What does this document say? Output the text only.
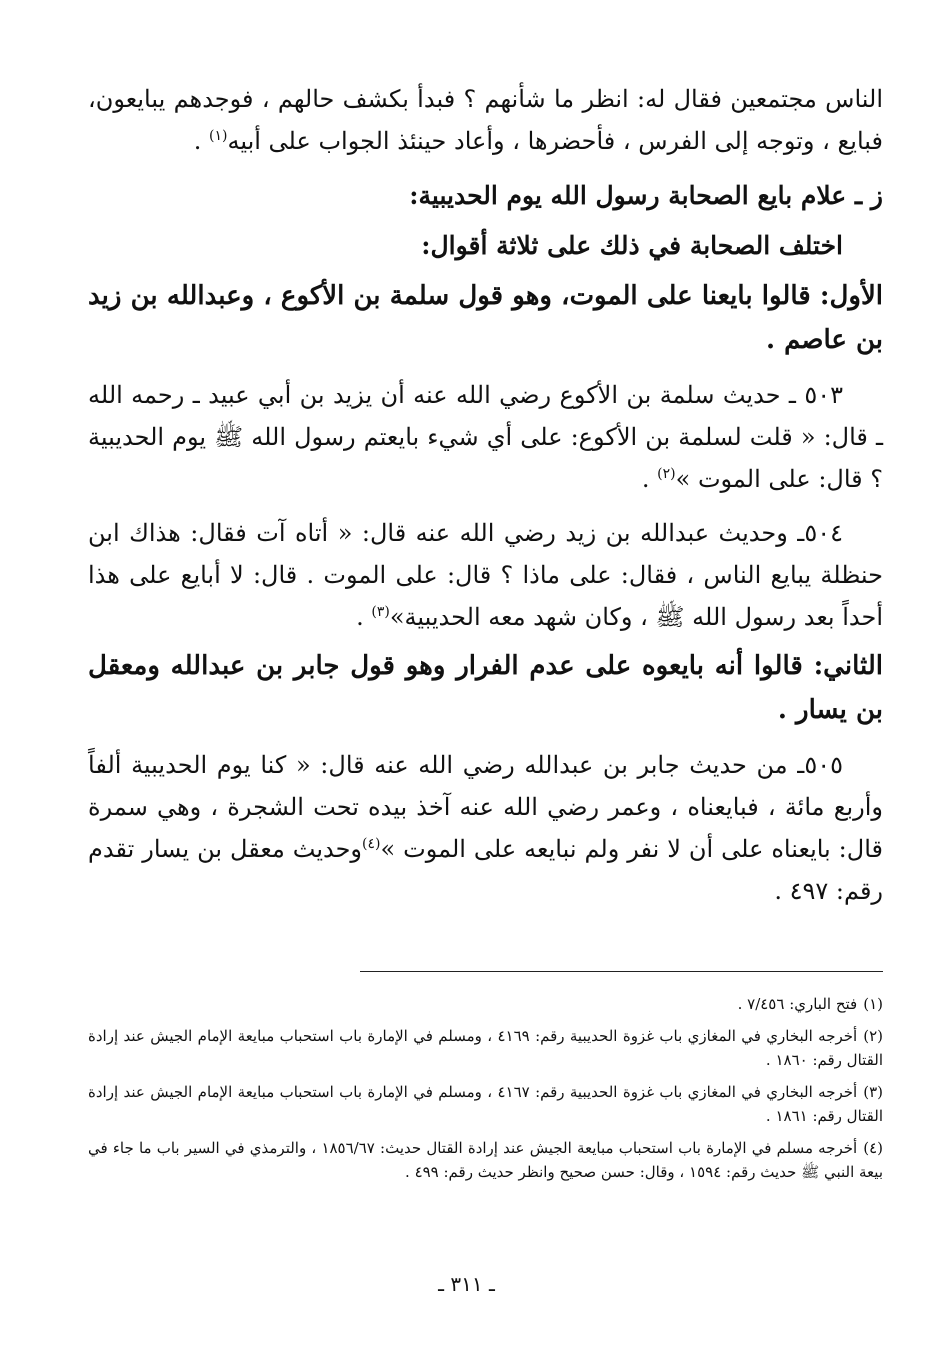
الناس مجتمعين فقال له: انظر ما شأنهم ؟ فبدأ بكشف حالهم ، فوجدهم يبايعون، فبايع ، وتوجه إلى الفرس ، فأحضرها ، وأعاد حينئذ الجواب على أبيه$^{(١)}$ .

ز ـ علام بايع الصحابة رسول الله يوم الحديبية:

اختلف الصحابة في ذلك على ثلاثة أقوال:

الأول: قالوا بايعنا على الموت، وهو قول سلمة بن الأكوع ، وعبدالله بن زيد بن عاصم .

٥٠٣ ـ حديث سلمة بن الأكوع رضي الله عنه أن يزيد بن أبي عبيد ـ رحمه الله ـ قال: « قلت لسلمة بن الأكوع: على أي شيء بايعتم رسول الله ﷺ يوم الحديبية ؟ قال: على الموت »$^{(٢)}$ .

٥٠٤ـ وحديث عبدالله بن زيد رضي الله عنه قال: « أتاه آت فقال: هذاك ابن حنظلة يبايع الناس ، فقال: على ماذا ؟ قال: على الموت . قال: لا أبايع على هذا أحداً بعد رسول الله ﷺ ، وكان شهد معه الحديبية»$^{(٣)}$ .

الثاني: قالوا أنه بايعوه على عدم الفرار وهو قول جابر بن عبدالله ومعقل بن يسار .

٥٠٥ـ من حديث جابر بن عبدالله رضي الله عنه قال: « كنا يوم الحديبية ألفاً وأربع مائة ، فبايعناه ، وعمر رضي الله عنه آخذ بيده تحت الشجرة ، وهي سمرة قال: بايعناه على أن لا نفر ولم نبايعه على الموت »$^{(٤)}$وحديث معقل بن يسار تقدم رقم: ٤٩٧ .

(١)فتح الباري: ٧/٤٥٦ .

(٢)أخرجه البخاري في المغازي باب غزوة الحديبية رقم: ٤١٦٩ ، ومسلم في الإمارة باب استحباب مبايعة الإمام الجيش عند إرادة القتال رقم: ١٨٦٠ .

(٣)أخرجه البخاري في المغازي باب غزوة الحديبية رقم: ٤١٦٧ ، ومسلم في الإمارة باب استحباب مبايعة الإمام الجيش عند إرادة القتال رقم: ١٨٦١ .

(٤)أخرجه مسلم في الإمارة باب استحباب مبايعة الجيش عند إرادة القتال حديث: ١٨٥٦/٦٧ ، والترمذي في السير باب ما جاء في بيعة النبي ﷺ حديث رقم: ١٥٩٤ ، وقال: حسن صحيح وانظر حديث رقم: ٤٩٩ .

ـ ٣١١ ـ
